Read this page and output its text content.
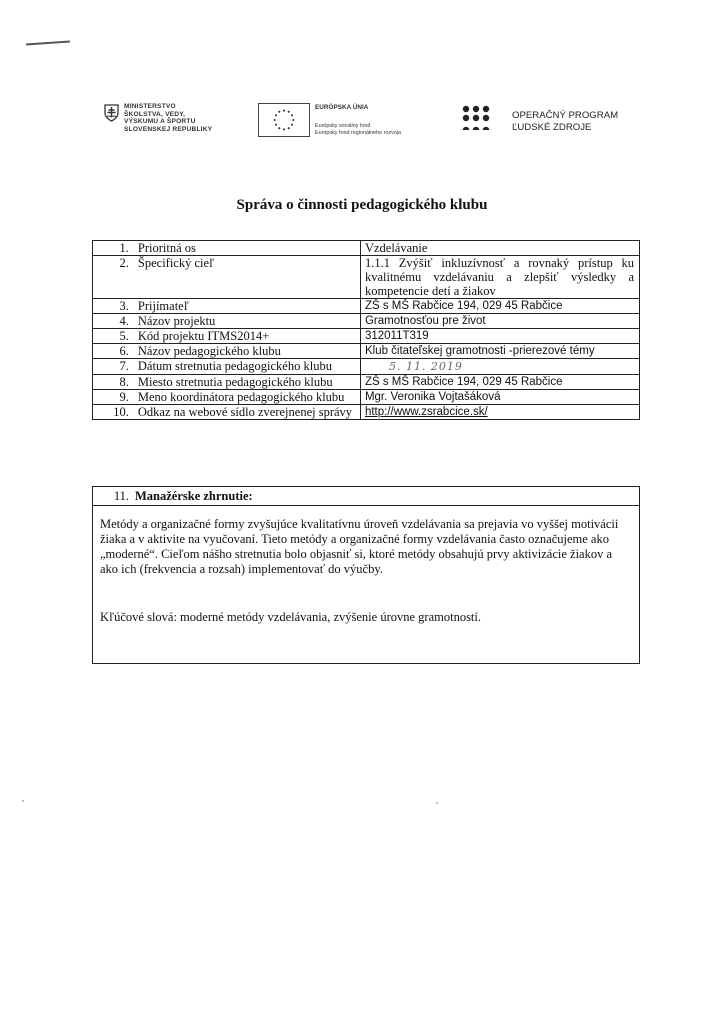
MINISTERSTVO
ŠKOLSTVA, VEDY,
VÝSKUMU A ŠPORTU
SLOVENSKEJ REPUBLIKY
EURÓPSKA ÚNIA
Európsky sociálny fond
Európsky fond regionálneho rozvoja
OPERAČNÝ PROGRAM
ĽUDSKÉ ZDROJE
Správa o činnosti pedagogického klubu
1.	Prioritná os	Vzdelávanie
2.	Špecifický cieľ	1.1.1 Zvýšiť inkluzívnosť a rovnaký prístup ku kvalitnému vzdelávaniu a zlepšiť výsledky a kompetencie detí a žiakov
3.	Prijímateľ	ZŠ s MŠ Rabčice 194, 029 45 Rabčice
4.	Názov projektu	Gramotnosťou pre život
5.	Kód projektu ITMS2014+	312011T319
6.	Názov pedagogického klubu	Klub čitateľskej gramotnosti -prierezové témy
7.	Dátum stretnutia pedagogického klubu	5. 11. 2019
8.	Miesto stretnutia pedagogického klubu	ZŠ s MŠ Rabčice 194, 029 45 Rabčice
9.	Meno koordinátora pedagogického klubu	Mgr. Veronika Vojtašáková
10.	Odkaz na webové sídlo zverejnenej správy	http://www.zsrabcice.sk/
11. Manažérske zhrnutie:

Metódy a organizačné formy zvyšujúce kvalitatívnu úroveň vzdelávania sa prejavia vo vyššej motivácii žiaka a v aktivite na vyučovaní. Tieto metódy a organizačné formy vzdelávania často označujeme ako „moderné“. Cieľom nášho stretnutia bolo objasniť si, ktoré metódy obsahujú prvy aktivizácie žiakov a ako ich (frekvencia a rozsah) implementovať do výučby.

Kľúčové slová: moderné metódy vzdelávania, zvýšenie úrovne gramotností.
